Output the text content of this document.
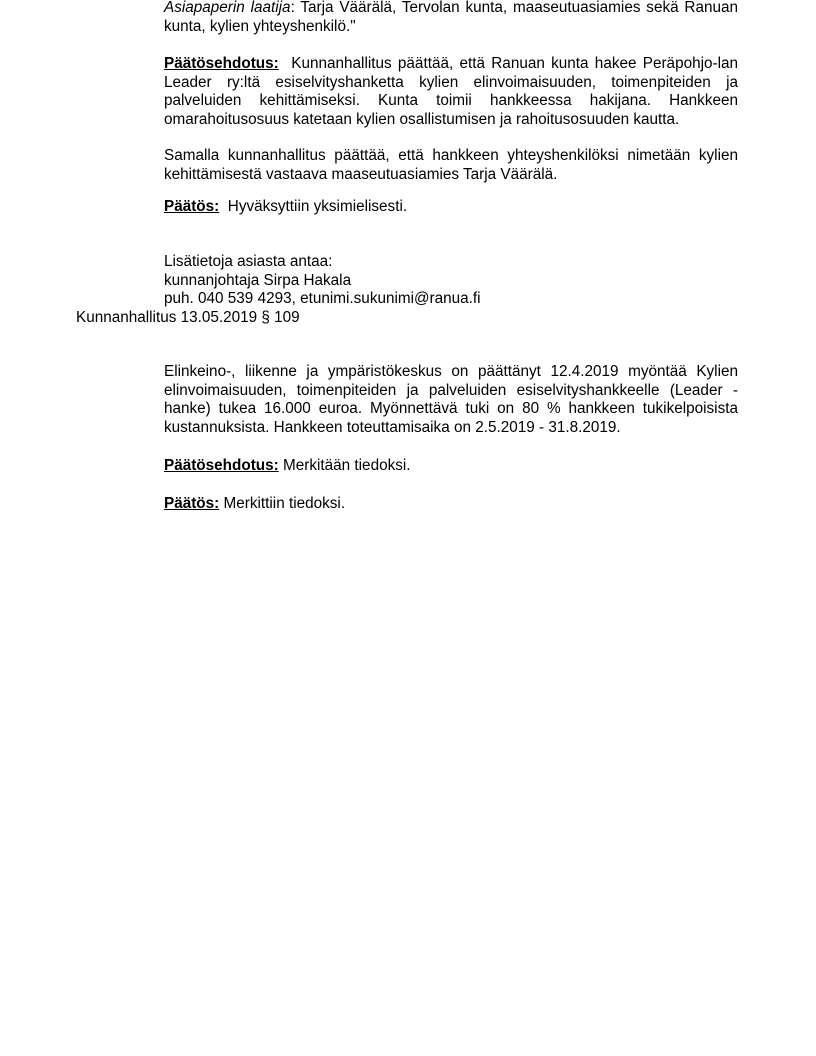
Asiapaperin laatija: Tarja Väärälä, Tervolan kunta, maaseutuasiamies sekä Ranuan kunta, kylien yhteyshenkilö."

Päätösehdotus: Kunnanhallitus päättää, että Ranuan kunta hakee Peräpohjo-lan Leader ry:ltä esiselvityshanketta kylien elinvoimaisuuden, toimenpiteiden ja palveluiden kehittämiseksi. Kunta toimii hankkeessa hakijana. Hankkeen omarahoitusosuus katetaan kylien osallistumisen ja rahoitusosuuden kautta.

Samalla kunnanhallitus päättää, että hankkeen yhteyshenkilöksi nimetään kylien kehittämisestä vastaava maaseutuasiamies Tarja Väärälä.

Päätös: Hyväksyttiin yksimielisesti.

Lisätietoja asiasta antaa:
kunnanjohtaja Sirpa Hakala
puh. 040 539 4293, etunimi.sukunimi@ranua.fi

Kunnanhallitus 13.05.2019 § 109

Elinkeino-, liikenne ja ympäristökeskus on päättänyt 12.4.2019 myöntää Kylien elinvoimaisuuden, toimenpiteiden ja palveluiden esiselvityshankkeelle (Leader -hanke) tukea 16.000 euroa. Myönnettävä tuki on 80 % hankkeen tukikelpoisista kustannuksista. Hankkeen toteuttamisaika on 2.5.2019 - 31.8.2019.

Päätösehdotus: Merkitään tiedoksi.

Päätös: Merkittiin tiedoksi.
